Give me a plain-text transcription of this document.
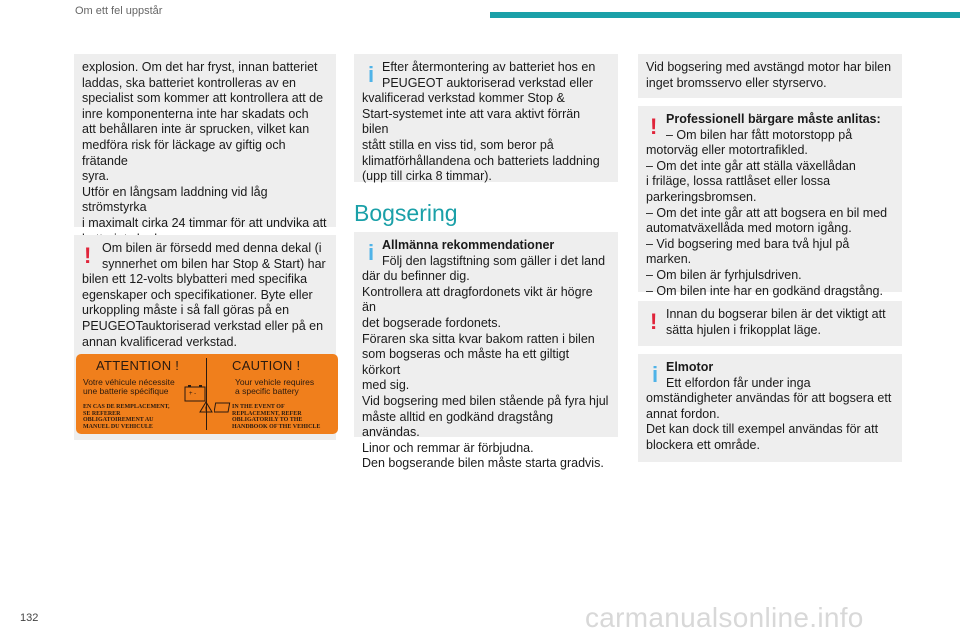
Om ett fel uppstår

explosion. Om det har fryst, innan batteriet

laddas, ska batteriet kontrolleras av en

specialist som kommer att kontrollera att de

inre komponenterna inte har skadats och

att behållaren inte är sprucken, vilket kan

medföra risk för läckage av giftig och frätande

syra.

Utför en långsam laddning vid låg strömstyrka

i maximalt cirka 24 timmar för att undvika att

! Om bilen är försedd med denna dekal (i

synnerhet om bilen har Stop & Start) har

bilen ett 12-volts blybatteri med specifika

egenskaper och specifikationer. Byte eller

urkoppling måste i så fall göras på en

PEUGEOTauktoriserad verkstad eller på en

annan kvalificerad verkstad.

ATTENTION !
Votre véhicule nécessite
une batterie spécifique
EN CAS DE REMPLACEMENT,
SE REFERER
OBLIGATOIREMENT AU
MANUEL DU VEHICULE
+ -
CAUTION !
Your vehicle requires
a specific battery
!	IN THE EVENT OF
REPLACEMENT, REFER
OBLIGATORILY TO THE
HANDBOOK OF THE VEHICLE
i Efter återmontering av batteriet hos en

PEUGEOT auktoriserad verkstad eller

kvalificerad verkstad kommer Stop &

Start-systemet inte att vara aktivt förrän bilen

stått stilla en viss tid, som beror på

klimatförhållandena och batteriets laddning

(upp till cirka 8 timmar).

Bogsering
i Allmänna rekommendationer

Följ den lagstiftning som gäller i det land

där du befinner dig.

Kontrollera att dragfordonets vikt är högre än

det bogserade fordonets.

Föraren ska sitta kvar bakom ratten i bilen

som bogseras och måste ha ett giltigt körkort

med sig.

Vid bogsering med bilen stående på fyra hjul

måste alltid en godkänd dragstång användas.

Linor och remmar är förbjudna.

Den bogserande bilen måste starta gradvis.

Vid bogsering med avstängd motor har bilen

inget bromsservo eller styrservo.

! Professionell bärgare måste anlitas:

– Om bilen har fått motorstopp på

motorväg eller motortrafikled.

– Om det inte går att ställa växellådan

i friläge, lossa rattlåset eller lossa

parkeringsbromsen.

– Om det inte går att att bogsera en bil med

automatväxellåda med motorn igång.

– Vid bogsering med bara två hjul på marken.

– Om bilen är fyrhjulsdriven.

– Om bilen inte har en godkänd dragstång.

! Innan du bogserar bilen är det viktigt att

sätta hjulen i frikopplat läge.

i Elmotor

Ett elfordon får under inga

omständigheter användas för att bogsera ett

annat fordon.

Det kan dock till exempel användas för att

blockera ett område.

132	carmanualsonline.info
